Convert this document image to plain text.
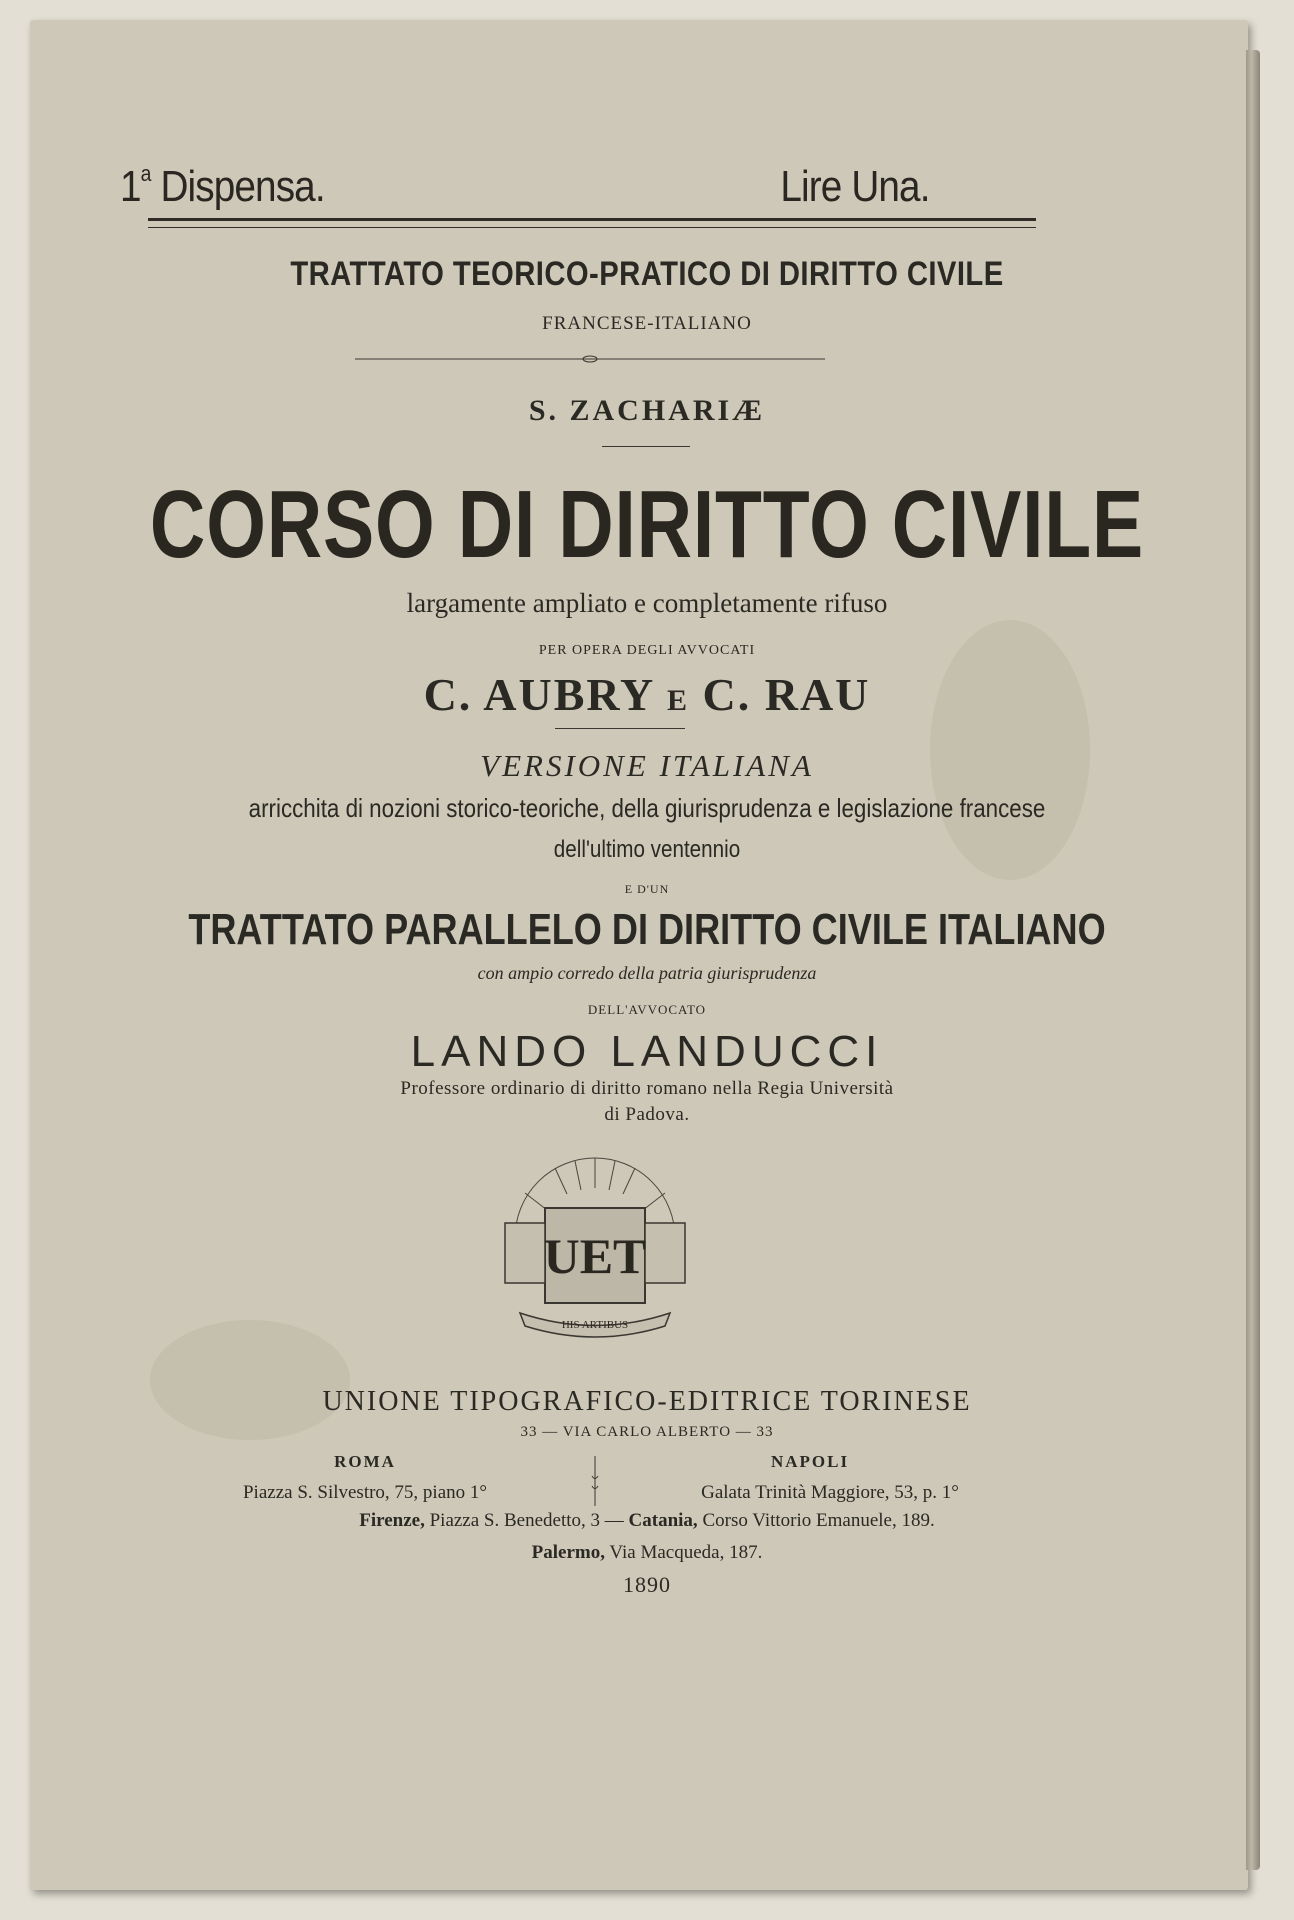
1$^a$ Dispensa.	Lire Una.
TRATTATO TEORICO-PRATICO DI DIRITTO CIVILE
FRANCESE-ITALIANO
S. ZACHARIÆ
CORSO DI DIRITTO CIVILE
largamente ampliato e completamente rifuso
PER OPERA DEGLI AVVOCATI
C. AUBRY E C. RAU
VERSIONE ITALIANA
arricchita di nozioni storico-teoriche, della giurisprudenza e legislazione francese
dell'ultimo ventennio
E D'UN
TRATTATO PARALLELO DI DIRITTO CIVILE ITALIANO
con ampio corredo della patria giurisprudenza
DELL'AVVOCATO
LANDO LANDUCCI
Professore ordinario di diritto romano nella Regia Università
di Padova.
UET
HIS ARTIBUS
UNIONE TIPOGRAFICO-EDITRICE TORINESE
33 — VIA CARLO ALBERTO — 33
ROMA
Piazza S. Silvestro, 75, piano 1°
NAPOLI
Galata Trinità Maggiore, 53, p. 1°
Firenze, Piazza S. Benedetto, 3 — Catania, Corso Vittorio Emanuele, 189.
Palermo, Via Macqueda, 187.
1890
